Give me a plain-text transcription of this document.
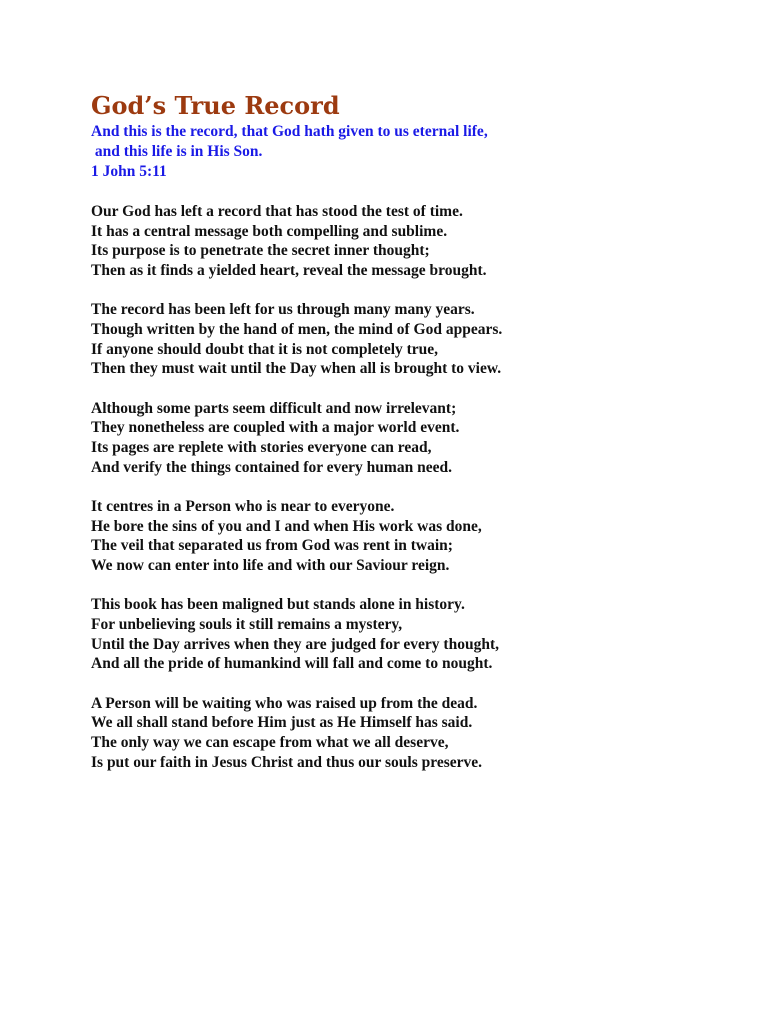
God’s True Record
And this is the record, that God hath given to us eternal life,
and this life is in His Son.
1 John 5:11
Our God has left a record that has stood the test of time.
It has a central message both compelling and sublime.
Its purpose is to penetrate the secret inner thought;
Then as it finds a yielded heart, reveal the message brought.
The record has been left for us through many many years.
Though written by the hand of men, the mind of God appears.
If anyone should doubt that it is not completely true,
Then they must wait until the Day when all is brought to view.
Although some parts seem difficult and now irrelevant;
They nonetheless are coupled with a major world event.
Its pages are replete with stories everyone can read,
And verify the things contained for every human need.
It centres in a Person who is near to everyone.
He bore the sins of you and I and when His work was done,
The veil that separated us from God was rent in twain;
We now can enter into life and with our Saviour reign.
This book has been maligned but stands alone in history.
For unbelieving souls it still remains a mystery,
Until the Day arrives when they are judged for every thought,
And all the pride of humankind will fall and come to nought.
A Person will be waiting who was raised up from the dead.
We all shall stand before Him just as He Himself has said.
The only way we can escape from what we all deserve,
Is put our faith in Jesus Christ and thus our souls preserve.
